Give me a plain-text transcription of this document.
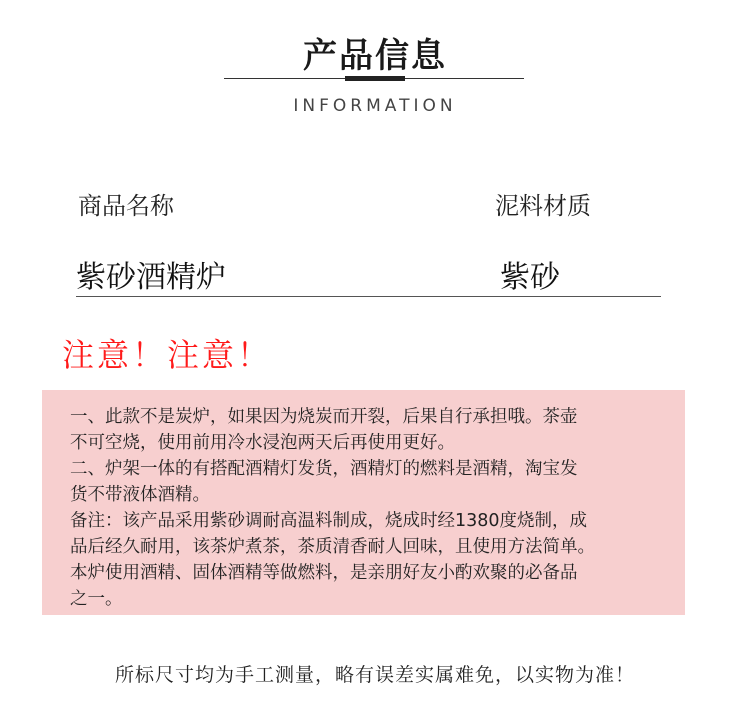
产品信息
INFORMATION
商品名称	泥料材质
紫砂酒精炉	紫砂
注意！注意！
一、此款不是炭炉，如果因为烧炭而开裂，后果自行承担哦。茶壶
不可空烧，使用前用冷水浸泡两天后再使用更好。
二、炉架一体的有搭配酒精灯发货，酒精灯的燃料是酒精，淘宝发
货不带液体酒精。
备注：该产品采用紫砂调耐高温料制成，烧成时经1380度烧制，成
品后经久耐用，该茶炉煮茶，茶质清香耐人回味，且使用方法简单。
本炉使用酒精、固体酒精等做燃料，是亲朋好友小酌欢聚的必备品
之一。
所标尺寸均为手工测量，略有误差实属难免，以实物为准！
